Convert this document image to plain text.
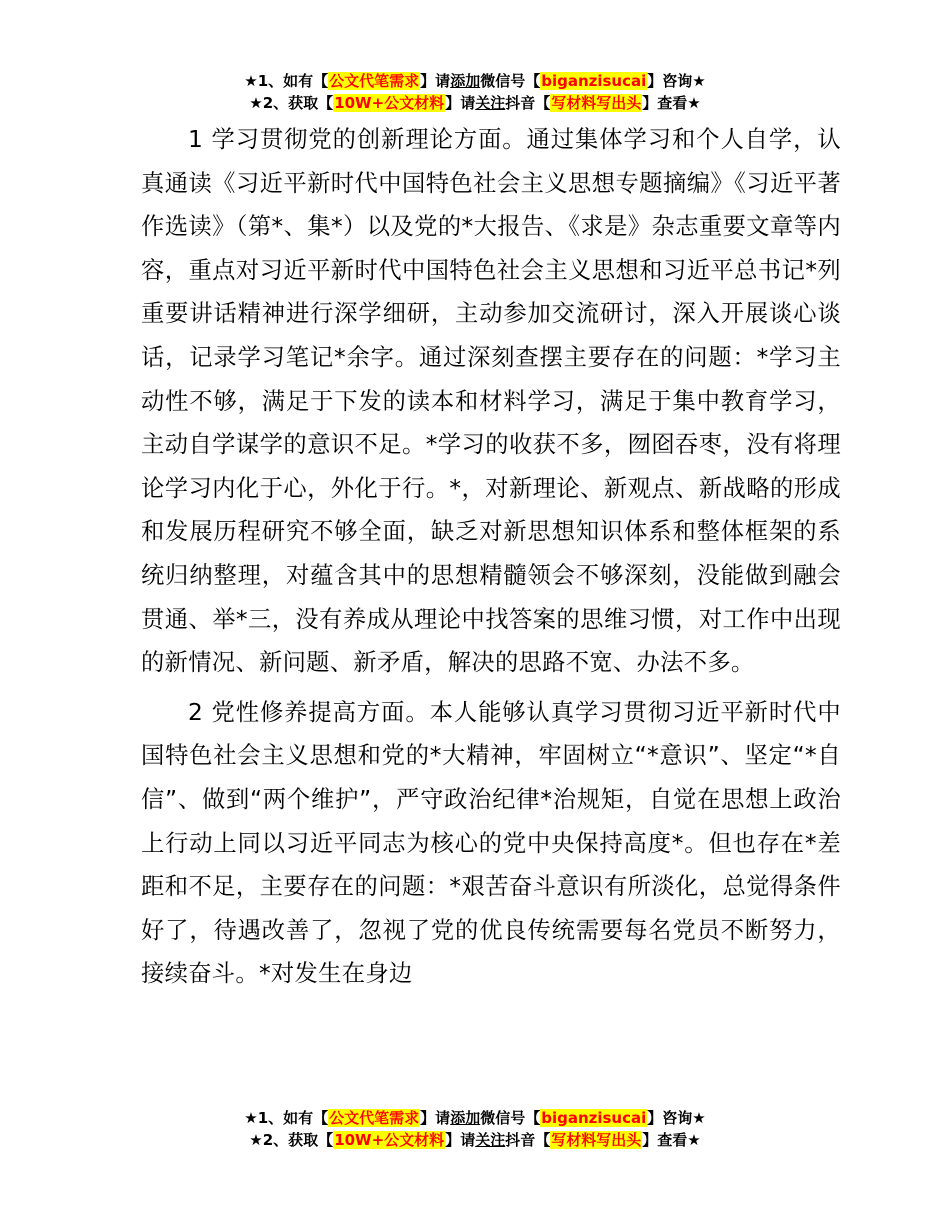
★1、如有【公文代笔需求】请添加微信号【biganzisucai】咨询★
★2、获取【10W+公文材料】请关注抖音【写材料写出头】查看★

1 学习贯彻党的创新理论方面。通过集体学习和个人自学，认真通读《习近平新时代中国特色社会主义思想专题摘编》《习近平著作选读》（第*、集*）以及党的*大报告、《求是》杂志重要文章等内容，重点对习近平新时代中国特色社会主义思想和习近平总书记*列重要讲话精神进行深学细研，主动参加交流研讨，深入开展谈心谈话，记录学习笔记*余字。通过深刻查摆主要存在的问题：*学习主动性不够，满足于下发的读本和材料学习，满足于集中教育学习，主动自学谋学的意识不足。*学习的收获不多，囫囵吞枣，没有将理论学习内化于心，外化于行。*，对新理论、新观点、新战略的形成和发展历程研究不够全面，缺乏对新思想知识体系和整体框架的系统归纳整理，对蕴含其中的思想精髓领会不够深刻，没能做到融会贯通、举*三，没有养成从理论中找答案的思维习惯，对工作中出现的新情况、新问题、新矛盾，解决的思路不宽、办法不多。

2 党性修养提高方面。本人能够认真学习贯彻习近平新时代中国特色社会主义思想和党的*大精神，牢固树立“*意识”、坚定“*自信”、做到“两个维护”，严守政治纪律*治规矩，自觉在思想上政治上行动上同以习近平同志为核心的党中央保持高度*。但也存在*差距和不足，主要存在的问题：*艰苦奋斗意识有所淡化，总觉得条件好了，待遇改善了，忽视了党的优良传统需要每名党员不断努力，接续奋斗。*对发生在身边

★1、如有【公文代笔需求】请添加微信号【biganzisucai】咨询★
★2、获取【10W+公文材料】请关注抖音【写材料写出头】查看★
